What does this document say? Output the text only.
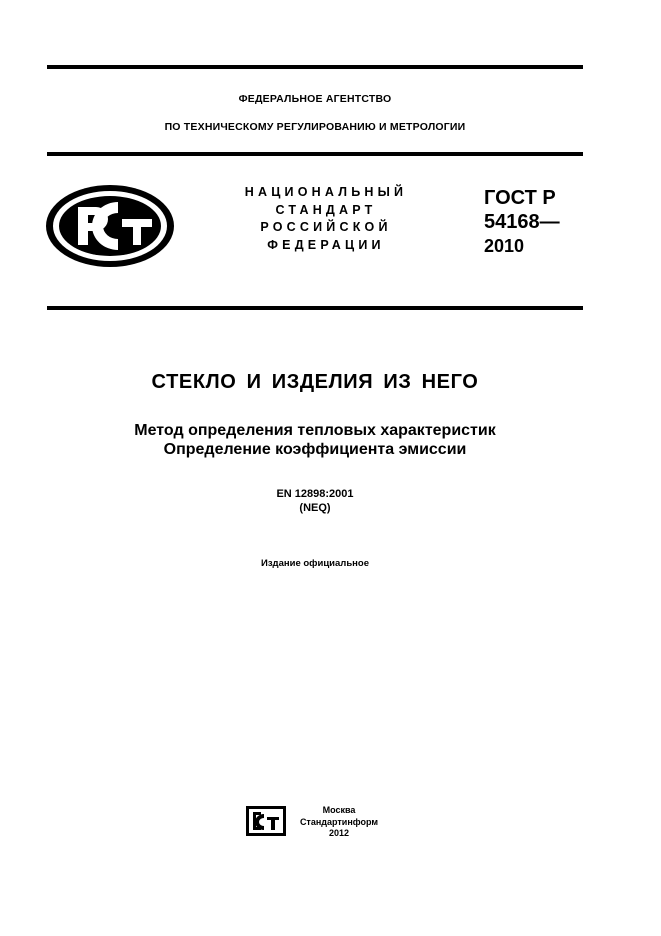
ФЕДЕРАЛЬНОЕ АГЕНТСТВО
ПО ТЕХНИЧЕСКОМУ РЕГУЛИРОВАНИЮ И МЕТРОЛОГИИ
НАЦИОНАЛЬНЫЙ
СТАНДАРТ
РОССИЙСКОЙ
ФЕДЕРАЦИИ
ГОСТ Р
54168—
2010
СТЕКЛО И ИЗДЕЛИЯ ИЗ НЕГО
Метод определения тепловых характеристик
Определение коэффициента эмиссии
EN 12898:2001
(NEQ)
Издание официальное
Москва
Стандартинформ
2012
